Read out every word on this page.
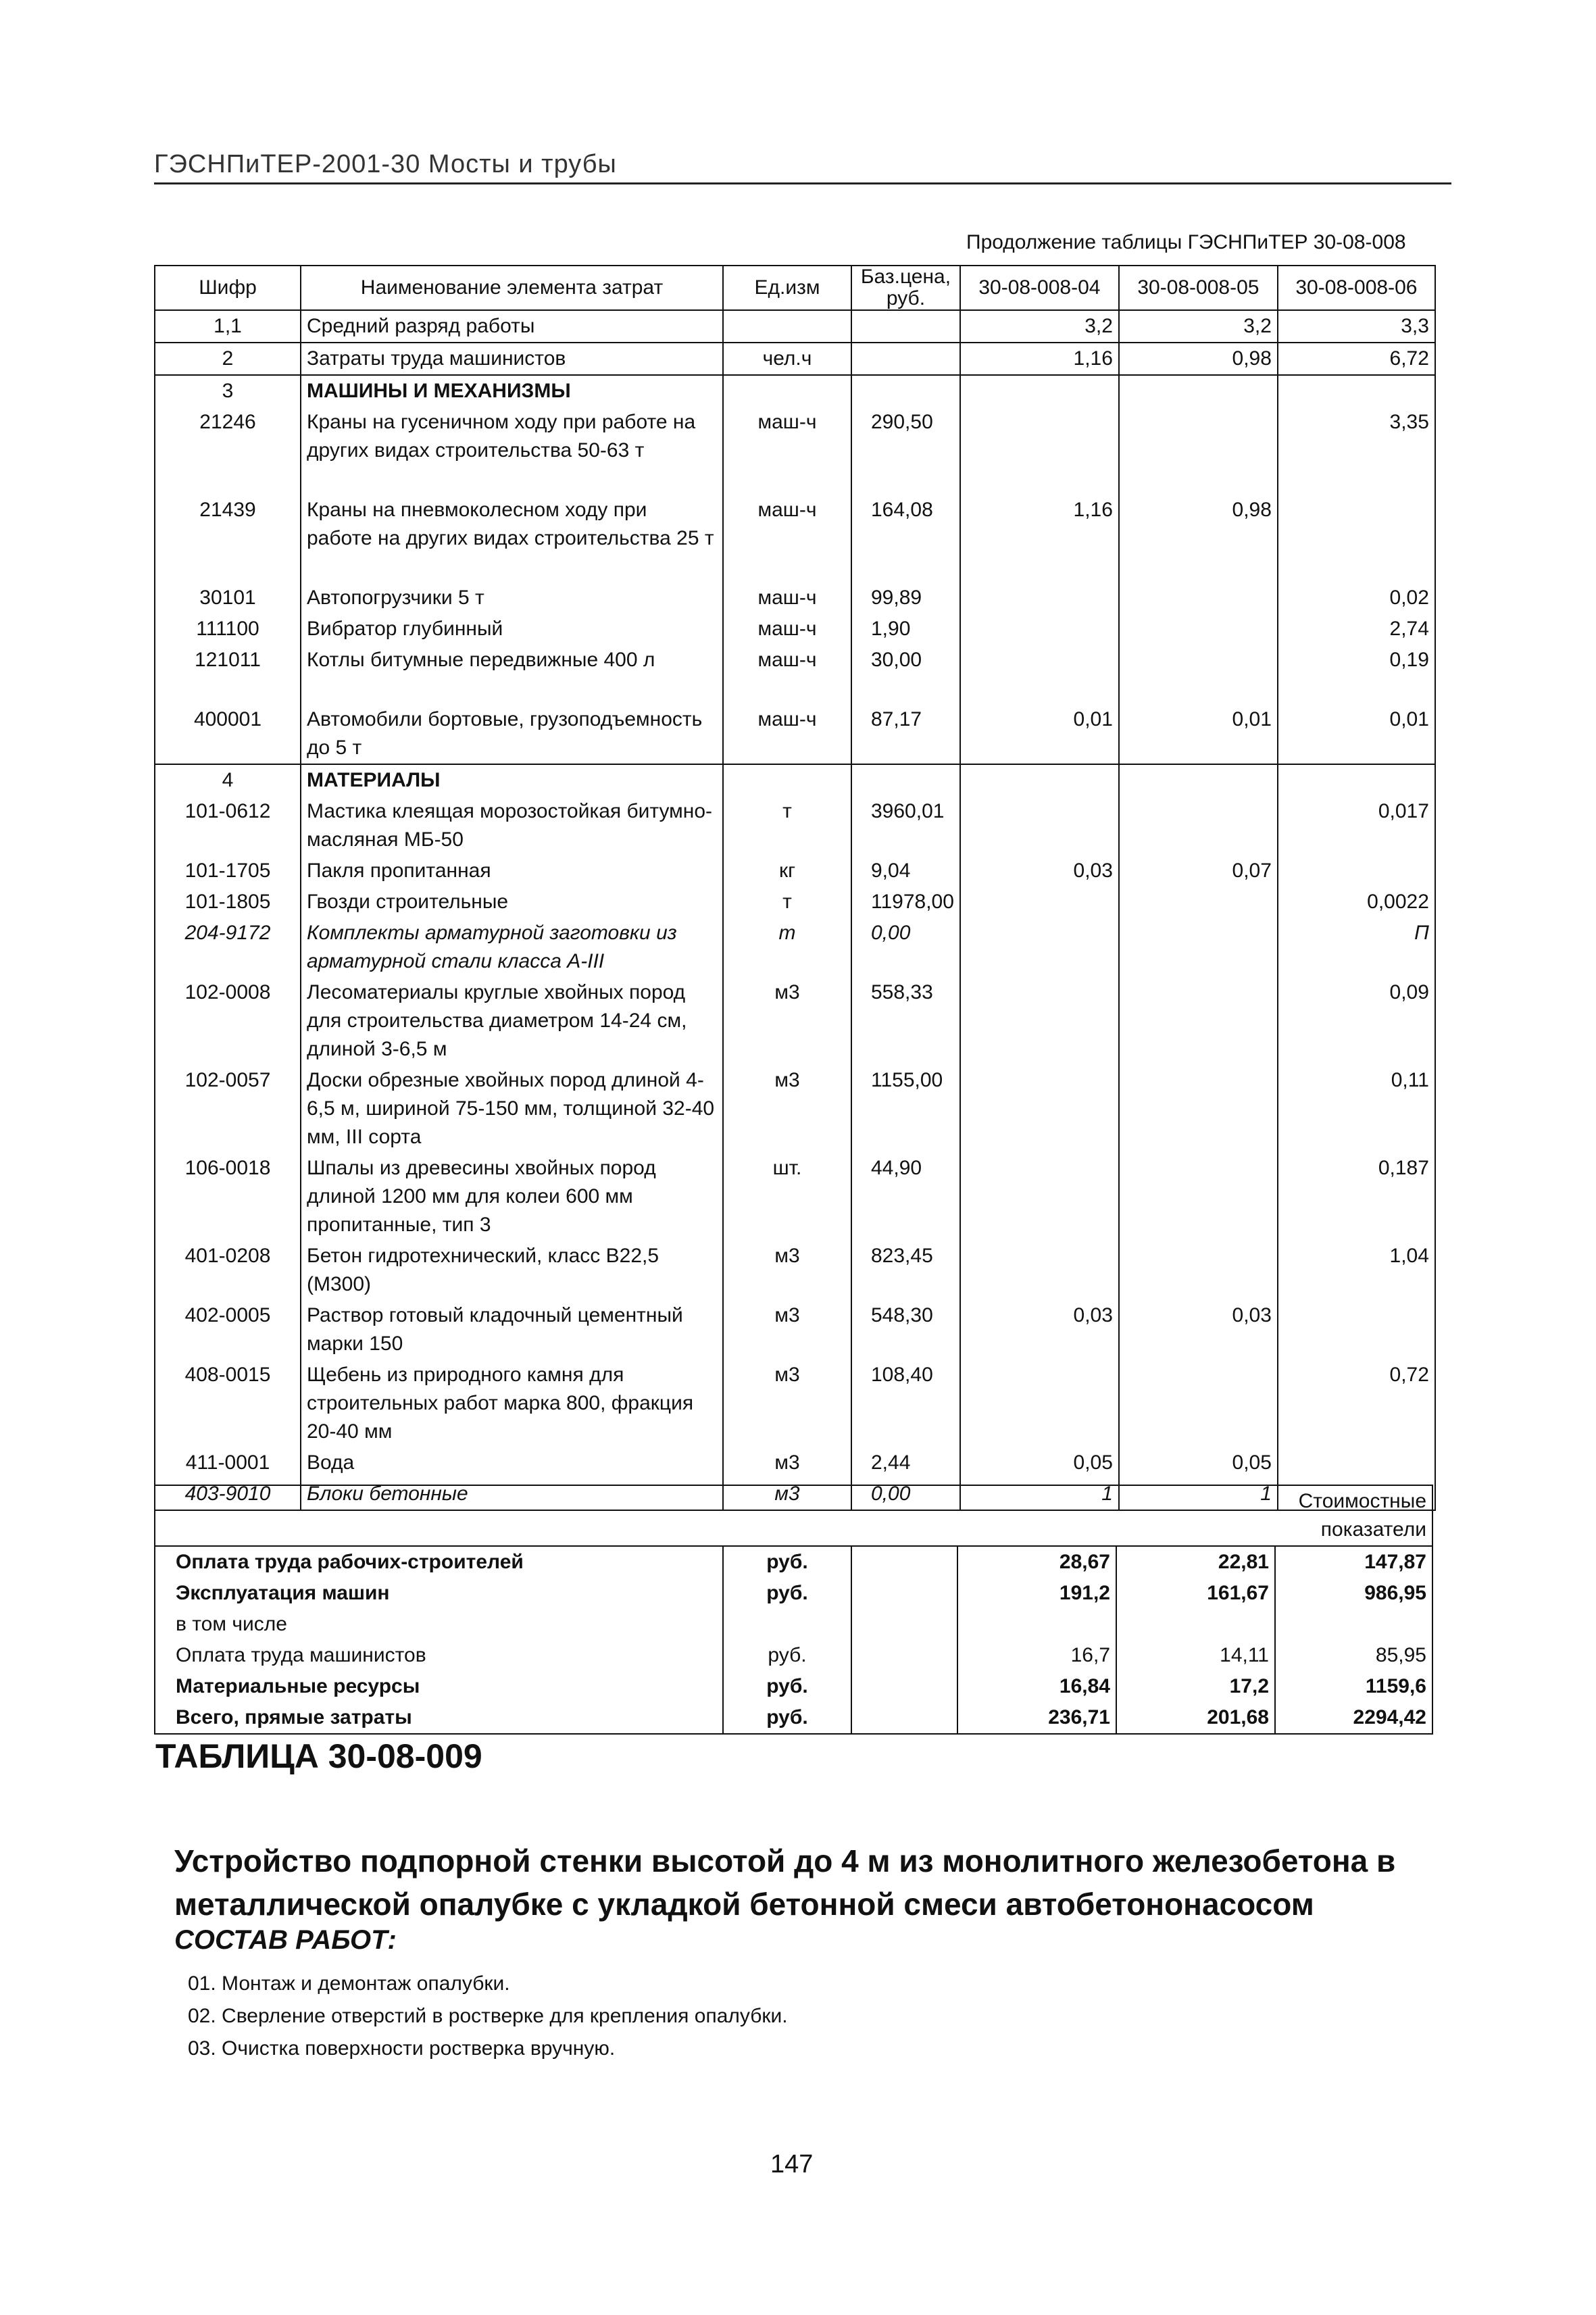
ГЭСНПиТЕР-2001-30 Мосты и трубы
Продолжение таблицы ГЭСНПиТЕР 30-08-008
Шифр	Наименование элемента затрат	Ед.изм	Баз.цена, руб.	30-08-008-04	30-08-008-05	30-08-008-06
1,1	Средний разряд работы			3,2	3,2	3,3
2	Затраты труда машинистов	чел.ч		1,16	0,98	6,72
3	МАШИНЫ И МЕХАНИЗМЫ					
21246	Краны на гусеничном ходу при работе на других видах строительства 50-63 т	маш-ч	290,50			3,35
21439	Краны на пневмоколесном ходу при работе на других видах строительства 25 т	маш-ч	164,08	1,16	0,98	
30101	Автопогрузчики 5 т	маш-ч	99,89			0,02
111100	Вибратор глубинный	маш-ч	1,90			2,74
121011	Котлы битумные передвижные 400 л	маш-ч	30,00			0,19
400001	Автомобили бортовые, грузоподъемность до 5 т	маш-ч	87,17	0,01	0,01	0,01
4	МАТЕРИАЛЫ					
101-0612	Мастика клеящая морозостойкая битумно-масляная МБ-50	т	3960,01			0,017
101-1705	Пакля пропитанная	кг	9,04	0,03	0,07	
101-1805	Гвозди строительные	т	11978,00			0,0022
204-9172	Комплекты арматурной заготовки из арматурной стали класса А-III	т	0,00			П
102-0008	Лесоматериалы круглые хвойных пород для строительства диаметром 14-24 см, длиной 3-6,5 м	м3	558,33			0,09
102-0057	Доски обрезные хвойных пород длиной 4-6,5 м, шириной 75-150 мм, толщиной 32-40 мм, III сорта	м3	1155,00			0,11
106-0018	Шпалы из древесины хвойных пород длиной 1200 мм для колеи 600 мм пропитанные, тип 3	шт.	44,90			0,187
401-0208	Бетон гидротехнический, класс В22,5 (М300)	м3	823,45			1,04
402-0005	Раствор готовый кладочный цементный марки 150	м3	548,30	0,03	0,03	
408-0015	Щебень из природного камня для строительных работ марка 800, фракция 20-40 мм	м3	108,40			0,72
411-0001	Вода	м3	2,44	0,05	0,05	
403-9010	Блоки бетонные	м3	0,00	1	1	
					Стоимостные показатели
Оплата труда рабочих-строителей	руб.		28,67	22,81	147,87
Эксплуатация машин	руб.		191,2	161,67	986,95
в том числе					
Оплата труда машинистов	руб.		16,7	14,11	85,95
Материальные ресурсы	руб.		16,84	17,2	1159,6
Всего, прямые затраты	руб.		236,71	201,68	2294,42
ТАБЛИЦА 30-08-009
Устройство подпорной стенки высотой до 4 м из монолитного железобетона в металлической опалубке с укладкой бетонной смеси автобетононасосом
СОСТАВ РАБОТ:
01. Монтаж и демонтаж опалубки.
02. Сверление отверстий в ростверке для крепления опалубки.
03. Очистка поверхности ростверка вручную.
147
